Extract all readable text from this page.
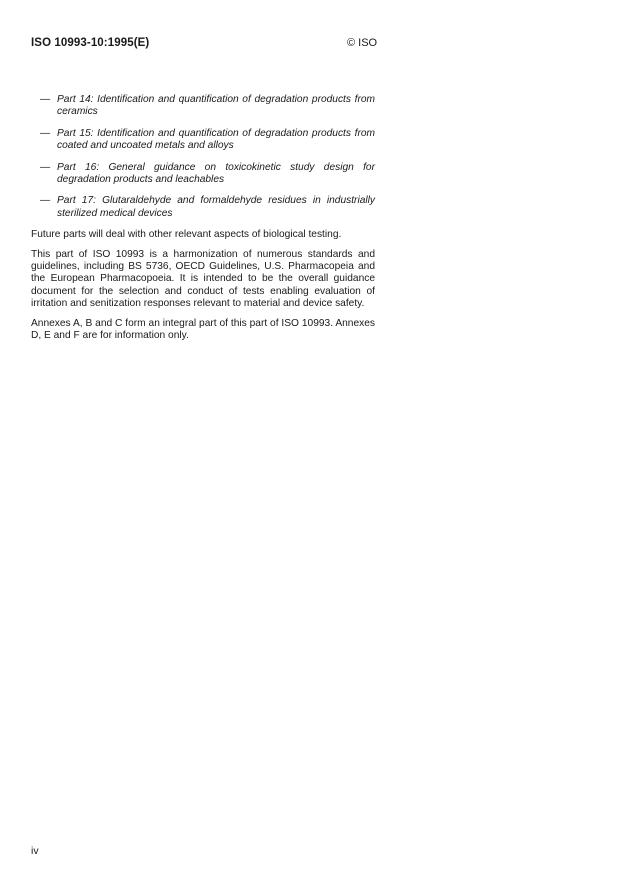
ISO 10993-10:1995(E)	© ISO
— Part 14: Identification and quantification of degradation products from ceramics
— Part 15: Identification and quantification of degradation products from coated and uncoated metals and alloys
— Part 16: General guidance on toxicokinetic study design for degradation products and leachables
— Part 17: Glutaraldehyde and formaldehyde residues in industrially sterilized medical devices

Future parts will deal with other relevant aspects of biological testing.

This part of ISO 10993 is a harmonization of numerous standards and guidelines, including BS 5736, OECD Guidelines, U.S. Pharmacopeia and the European Pharmacopoeia. It is intended to be the overall guidance document for the selection and conduct of tests enabling evaluation of irritation and senitization responses relevant to material and device safety.

Annexes A, B and C form an integral part of this part of ISO 10993. Annexes D, E and F are for information only.

iv
